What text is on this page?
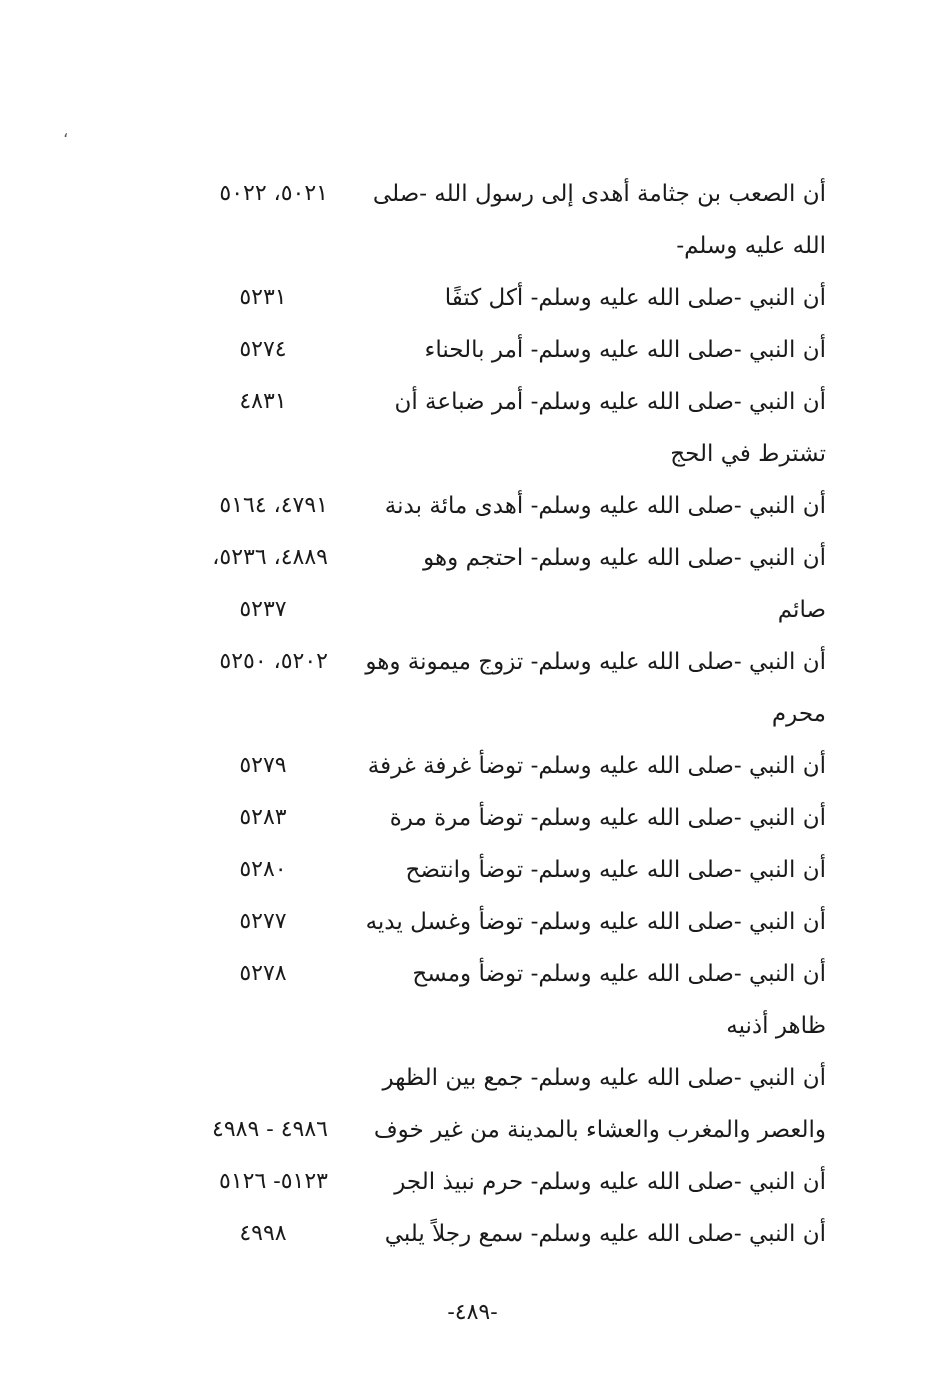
،
أن الصعب بن جثامة أهدى إلى رسول الله -صلى
٥٠٢١، ٥٠٢٢
الله عليه وسلم-
أن النبي -صلى الله عليه وسلم- أكل كتفًا
٥٢٣١
أن النبي -صلى الله عليه وسلم- أمر بالحناء
٥٢٧٤
أن النبي -صلى الله عليه وسلم- أمر ضباعة أن
٤٨٣١
تشترط في الحج
أن النبي -صلى الله عليه وسلم- أهدى مائة بدنة
٤٧٩١، ٥١٦٤
أن النبي -صلى الله عليه وسلم- احتجم وهو
٤٨٨٩، ٥٢٣٦،
صائم
٥٢٣٧
أن النبي -صلى الله عليه وسلم- تزوج ميمونة وهو
٥٢٠٢، ٥٢٥٠
محرم
أن النبي -صلى الله عليه وسلم- توضأ غرفة غرفة
٥٢٧٩
أن النبي -صلى الله عليه وسلم- توضأ مرة مرة
٥٢٨٣
أن النبي -صلى الله عليه وسلم- توضأ وانتضح
٥٢٨٠
أن النبي -صلى الله عليه وسلم- توضأ وغسل يديه
٥٢٧٧
أن النبي -صلى الله عليه وسلم- توضأ ومسح
٥٢٧٨
ظاهر أذنيه
أن النبي -صلى الله عليه وسلم- جمع بين الظهر
والعصر والمغرب والعشاء بالمدينة من غير خوف
٤٩٨٦ - ٤٩٨٩
أن النبي -صلى الله عليه وسلم- حرم نبيذ الجر
٥١٢٣- ٥١٢٦
أن النبي -صلى الله عليه وسلم- سمع رجلاً يلبي
٤٩٩٨
-٤٨٩-
